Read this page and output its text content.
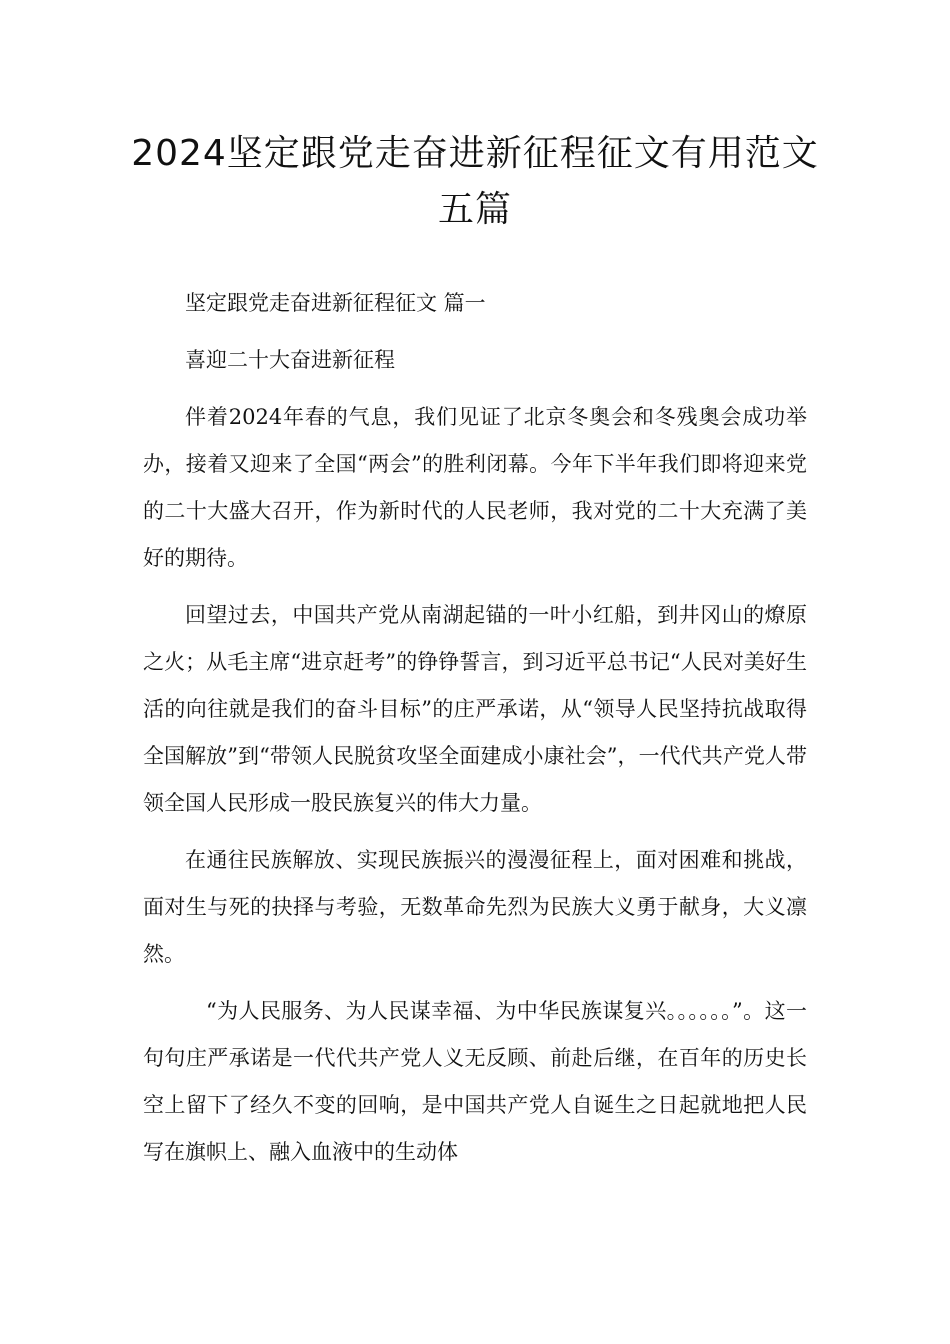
2024坚定跟党走奋进新征程征文有用范文五篇

坚定跟党走奋进新征程征文 篇一

喜迎二十大奋进新征程

伴着2024年春的气息，我们见证了北京冬奥会和冬残奥会成功举办，接着又迎来了全国“两会”的胜利闭幕。今年下半年我们即将迎来党的二十大盛大召开，作为新时代的人民老师，我对党的二十大充满了美好的期待。

回望过去，中国共产党从南湖起锚的一叶小红船，到井冈山的燎原之火；从毛主席“进京赶考”的铮铮誓言，到习近平总书记“人民对美好生活的向往就是我们的奋斗目标”的庄严承诺，从“领导人民坚持抗战取得全国解放”到“带领人民脱贫攻坚全面建成小康社会”，一代代共产党人带领全国人民形成一股民族复兴的伟大力量。

在通往民族解放、实现民族振兴的漫漫征程上，面对困难和挑战，面对生与死的抉择与考验，无数革命先烈为民族大义勇于献身，大义凛然。

“为人民服务、为人民谋幸福、为中华民族谋复兴。。。。。。”。这一句句庄严承诺是一代代共产党人义无反顾、前赴后继，在百年的历史长空上留下了经久不变的回响，是中国共产党人自诞生之日起就地把人民写在旗帜上、融入血液中的生动体
